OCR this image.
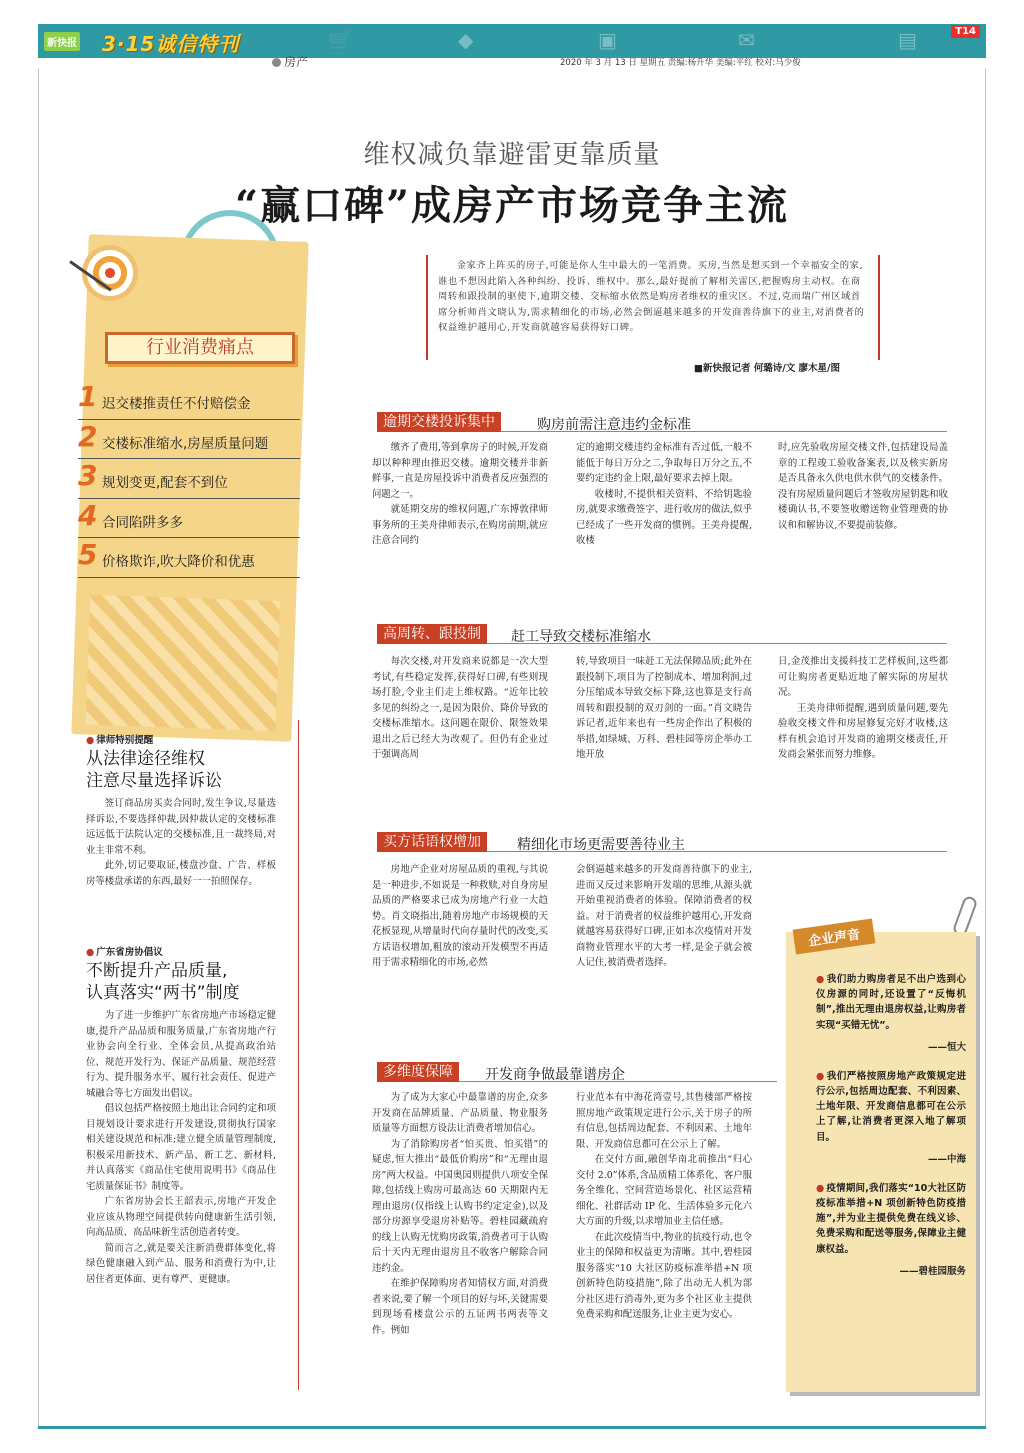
🛒	◆	▣	✉	▤
新快报 3·15诚信特刊
T14
房产	2020 年 3 月 13 日 星期五 责编:杨升华 美编:平红 校对:马少俊
维权减负靠避雷更靠质量
“赢口碑”成房产市场竞争主流
行业消费痛点
1 迟交楼推责任不付赔偿金
2 交楼标准缩水,房屋质量问题
3 规划变更,配套不到位
4 合同陷阱多多
5 价格欺诈,吹大降价和优惠

金家齐上阵买的房子,可能是你人生中最大的一笔消费。买房,当然是想买到一个幸福安全的家,谁也不想因此陷入各种纠纷、投诉、维权中。那么,最好提前了解相关雷区,把握购房主动权。在商周转和跟投制的驱使下,逾期交楼、交标缩水依然是购房者维权的重灾区。不过,克而瑞广州区域首席分析师肖文晓认为,需求精细化的市场,必然会倒逼越来越多的开发商善待旗下的业主,对消费者的权益维护越用心,开发商就越容易获得好口碑。

■新快报记者 何璐诗/文 廖木星/图
逾期交楼投诉集中	购房前需注意违约金标准

缴齐了费用,等到拿房子的时候,开发商却以种种理由推迟交楼。逾期交楼并非新鲜事,一直是房屋投诉中消费者反应强烈的问题之一。

就延期交房的维权问题,广东博敦律师事务所的王美舟律师表示,在购房前期,就应注意合同约

定的逾期交楼违约金标准有否过低,一般不能低于每日万分之二,争取每日万分之五,不要约定违约金上限,最好要求去掉上限。

收楼时,不提供相关资料、不给钥匙验房,就要求缴费签字、进行收房的做法,似乎已经成了一些开发商的惯例。王美舟提醒,收楼

时,应先验收房屋交楼文件,包括建设局盖章的工程竣工验收备案表,以及核实新房是否具备永久供电供水供气的交楼条件。没有房屋质量问题后才签收房屋钥匙和收楼确认书,不要签收赠送物业管理费的协议和和解协议,不要提前装修。

高周转、跟投制	赶工导致交楼标准缩水

每次交楼,对开发商来说都是一次大型考试,有些稳定发挥,获得好口碑,有些则现场打脸,令业主们走上维权路。“近年比较多见的纠纷之一,是因为限价、降价导致的交楼标准缩水。这问题在限价、限签效果退出之后已经大为改观了。但仍有企业过于强调高周

转,导致项目一味赶工无法保障品质;此外在跟投制下,项目为了控制成本、增加利润,过分压缩成本导致交标下降,这也算是支行高周转和跟投制的双刃剑的一面。”肖文晓告诉记者,近年来也有一些房企作出了积极的举措,如绿城、万科、碧桂园等房企举办工地开放

日,金茂推出支援科技工艺样板间,这些都可让购房者更贴近地了解实际的房屋状况。

王美舟律师提醒,遇到质量问题,要先验收交楼文件和房屋修复完好才收楼,这样有机会追讨开发商的逾期交楼责任,开发商会紧张而努力维修。

买方话语权增加	精细化市场更需要善待业主

房地产企业对房屋品质的重视,与其说是一种进步,不如说是一种救赎,对自身房屋品质的严格要求已成为房地产行业一大趋势。肖文晓指出,随着房地产市场规模的天花板显现,从增量时代向存量时代的改变,买方话语权增加,粗放的滚动开发模型不再适用于需求精细化的市场,必然

会倒逼越来越多的开发商善待旗下的业主,进而又反过来影响开发端的思维,从源头就开始重视消费者的体验。保障消费者的权益。对于消费者的权益维护越用心,开发商就越容易获得好口碑,正如本次疫情对开发商物业管理水平的大考一样,是金子就会被人记住,被消费者选择。

多维度保障	开发商争做最靠谱房企

为了成为大家心中最靠谱的房企,众多开发商在品牌质量、产品质量、物业服务质量等方面想方设法让消费者增加信心。

为了消除购房者“怕买贵、怕买错”的疑虑,恒大推出“最低价购房”和“无理由退房”两大权益。中国奥园则提供八项安全保障,包括线上购房可最高达 60 天期限内无理由退房(仅指线上认购书约定定金),以及部分房源享受退房补贴等。碧桂园藏疏府的线上认购无忧购房政策,消费者可于认购后十天内无理由退房且不收客户解除合同违约金。

在维护保障购房者知情权方面,对消费者来说,要了解一个项目的好与坏,关键需要到现场看楼盘公示的五证两书两表等文件。例如

行业范本有中海花湾壹号,其售楼部严格按照房地产政策规定进行公示,关于房子的所有信息,包括周边配套、不利因素、土地年限、开发商信息都可在公示上了解。

在交付方面,融创华南北前推出“归心交付 2.0”体系,含品质精工体系化、客户服务全维化、空间营造场景化、社区运营精细化、社群活动 IP 化、生活体验多元化六大方面的升级,以求增加业主信任感。

在此次疫情当中,物业的抗疫行动,也令业主的保障和权益更为清晰。其中,碧桂园服务落实“10 大社区防疫标准举措+N 项创新特色防疫措施”,除了出动无人机为部分社区进行消毒外,更为多个社区业主提供免费采购和配送服务,让业主更为安心。

● 律师特别提醒
从法律途径维权
注意尽量选择诉讼

签订商品房买卖合同时,发生争议,尽量选择诉讼,不要选择仲裁,因仲裁认定的交楼标准远远低于法院认定的交楼标准,且一裁终局,对业主非常不利。

此外,切记要取证,楼盘沙盘、广告、样板房等楼盘承诺的东西,最好一一拍照保存。

● 广东省房协倡议
不断提升产品质量,
认真落实“两书”制度

为了进一步维护广东省房地产市场稳定健康,提升产品品质和服务质量,广东省房地产行业协会向全行业、全体会员,从提高政治站位、规范开发行为、保证产品质量、规范经营行为、提升服务水平、履行社会责任、促进产城融合等七方面发出倡议。

倡议包括严格按照土地出让合同约定和项目规划设计要求进行开发建设,贯彻执行国家相关建设规范和标准;建立健全质量管理制度,积极采用新技术、新产品、新工艺、新材料,并认真落实《商品住宅使用说明书》《商品住宅质量保证书》制度等。

广东省房协会长王韶表示,房地产开发企业应该从物理空间提供转向健康新生活引领,向高品质、高品味新生活创造者转变。

简而言之,就是要关注新消费群体变化,将绿色健康融入到产品、服务和消费行为中,让居住者更体面、更有尊严、更健康。

企业声音
● 我们助力购房者足不出户选到心仪房源的同时,还设置了“反悔机制”,推出无理由退房权益,让购房者实现“买错无忧”。
——恒大
● 我们严格按照房地产政策规定进行公示,包括周边配套、不利因素、土地年限、开发商信息都可在公示上了解,让消费者更深入地了解项目。
——中海
● 疫情期间,我们落实“10大社区防疫标准举措+N 项创新特色防疫措施”,并为业主提供免费在线义诊、免费采购和配送等服务,保障业主健康权益。
——碧桂园服务
